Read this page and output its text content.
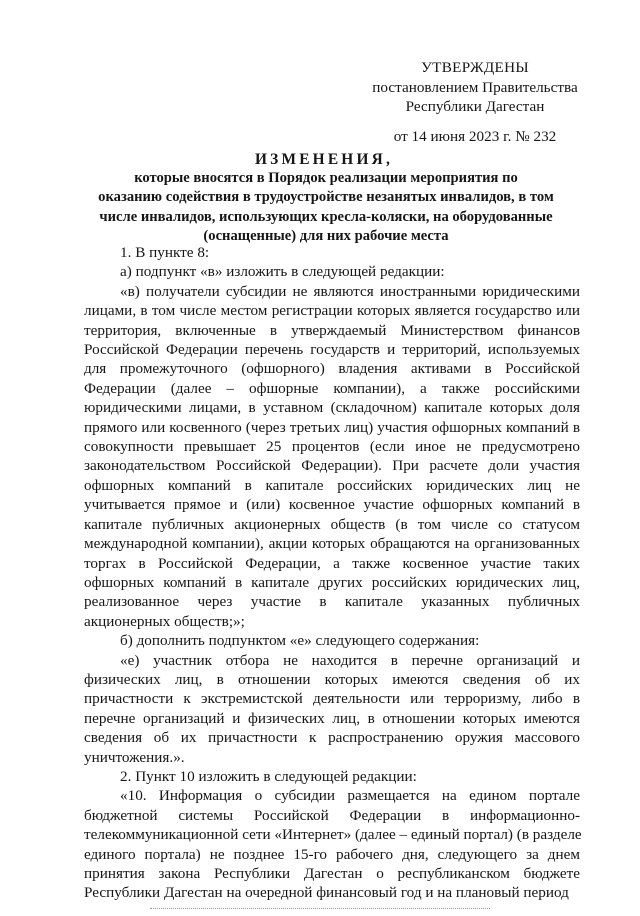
УТВЕРЖДЕНЫ
постановлением Правительства
Республики Дагестан
от 14 июня 2023 г. № 232
ИЗМЕНЕНИЯ,
которые вносятся в Порядок реализации мероприятия по
оказанию содействия в трудоустройстве незанятых инвалидов, в том
числе инвалидов, использующих кресла-коляски, на оборудованные
(оснащенные) для них рабочие места
1. В пункте 8:
а) подпункт «в» изложить в следующей редакции:
«в) получатели субсидии не являются иностранными юридическими
лицами, в том числе местом регистрации которых является государство или
территория, включенные в утверждаемый Министерством финансов
Российской Федерации перечень государств и территорий, используемых
для промежуточного (офшорного) владения активами в Российской
Федерации (далее – офшорные компании), а также российскими
юридическими лицами, в уставном (складочном) капитале которых доля
прямого или косвенного (через третьих лиц) участия офшорных компаний в
совокупности превышает 25 процентов (если иное не предусмотрено
законодательством Российской Федерации). При расчете доли участия
офшорных компаний в капитале российских юридических лиц не
учитывается прямое и (или) косвенное участие офшорных компаний в
капитале публичных акционерных обществ (в том числе со статусом
международной компании), акции которых обращаются на организованных
торгах в Российской Федерации, а также косвенное участие таких
офшорных компаний в капитале других российских юридических лиц,
реализованное через участие в капитале указанных публичных
акционерных обществ;»;
б) дополнить подпунктом «е» следующего содержания:
«е) участник отбора не находится в перечне организаций и
физических лиц, в отношении которых имеются сведения об их
причастности к экстремистской деятельности или терроризму, либо в
перечне организаций и физических лиц, в отношении которых имеются
сведения об их причастности к распространению оружия массового
уничтожения.».
2. Пункт 10 изложить в следующей редакции:
«10. Информация о субсидии размещается на едином портале
бюджетной системы Российской Федерации в информационно-
телекоммуникационной сети «Интернет» (далее – единый портал) (в разделе
единого портала) не позднее 15-го рабочего дня, следующего за днем
принятия закона Республики Дагестан о республиканском бюджете
Республики Дагестан на очередной финансовый год и на плановый период
